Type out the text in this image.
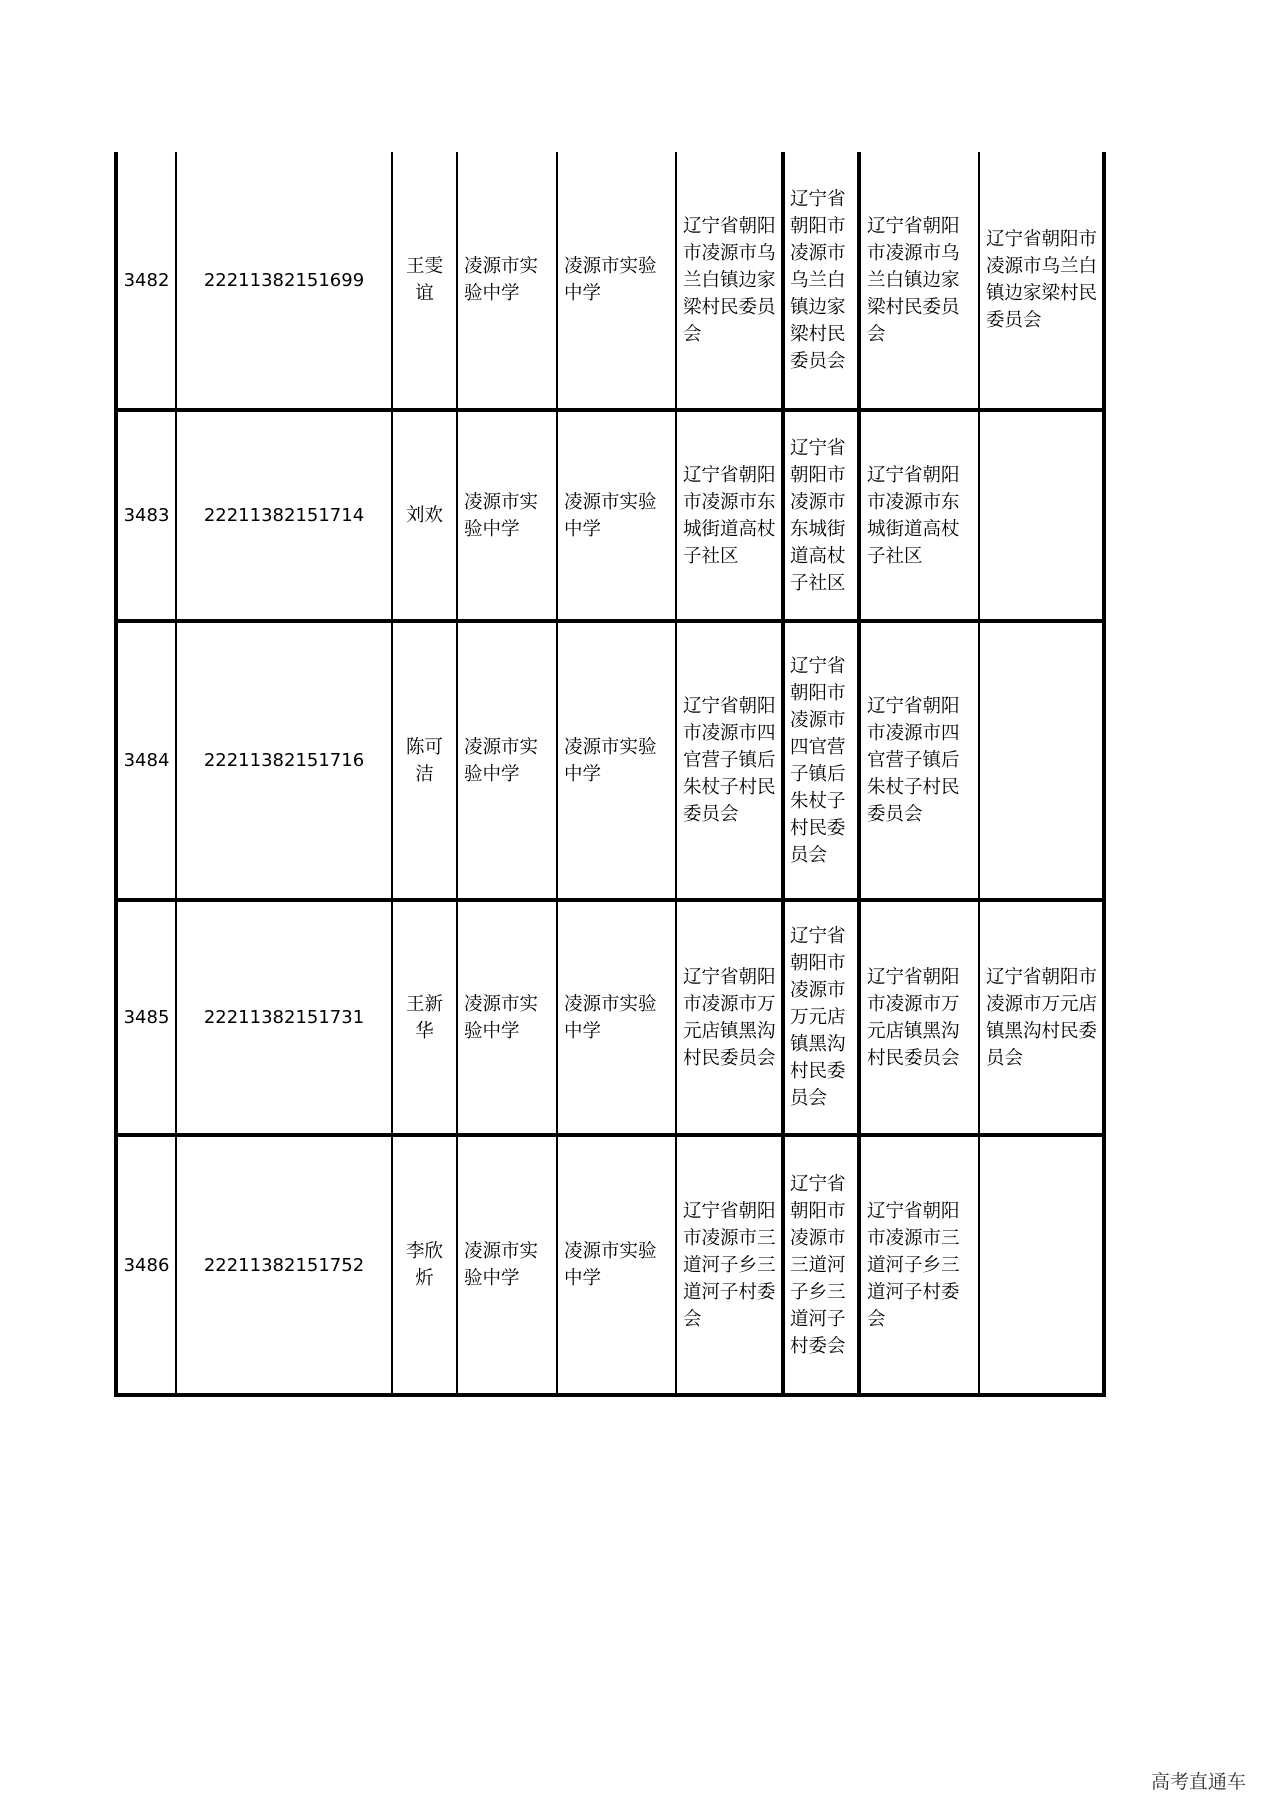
3482	22211382151699	王雯谊	凌源市实验中学	凌源市实验中学	辽宁省朝阳市凌源市乌兰白镇边家梁村民委员会	辽宁省朝阳市凌源市乌兰白镇边家梁村民委员会	辽宁省朝阳市凌源市乌兰白镇边家梁村民委员会	辽宁省朝阳市凌源市乌兰白镇边家梁村民委员会
3483	22211382151714	刘欢	凌源市实验中学	凌源市实验中学	辽宁省朝阳市凌源市东城街道高杖子社区	辽宁省朝阳市凌源市东城街道高杖子社区	辽宁省朝阳市凌源市东城街道高杖子社区	
3484	22211382151716	陈可洁	凌源市实验中学	凌源市实验中学	辽宁省朝阳市凌源市四官营子镇后朱杖子村民委员会	辽宁省朝阳市凌源市四官营子镇后朱杖子村民委员会	辽宁省朝阳市凌源市四官营子镇后朱杖子村民委员会	
3485	22211382151731	王新华	凌源市实验中学	凌源市实验中学	辽宁省朝阳市凌源市万元店镇黑沟村民委员会	辽宁省朝阳市凌源市万元店镇黑沟村民委员会	辽宁省朝阳市凌源市万元店镇黑沟村民委员会	辽宁省朝阳市凌源市万元店镇黑沟村民委员会
3486	22211382151752	李欣炘	凌源市实验中学	凌源市实验中学	辽宁省朝阳市凌源市三道河子乡三道河子村委会	辽宁省朝阳市凌源市三道河子乡三道河子村委会	辽宁省朝阳市凌源市三道河子乡三道河子村委会	
高考直通车
